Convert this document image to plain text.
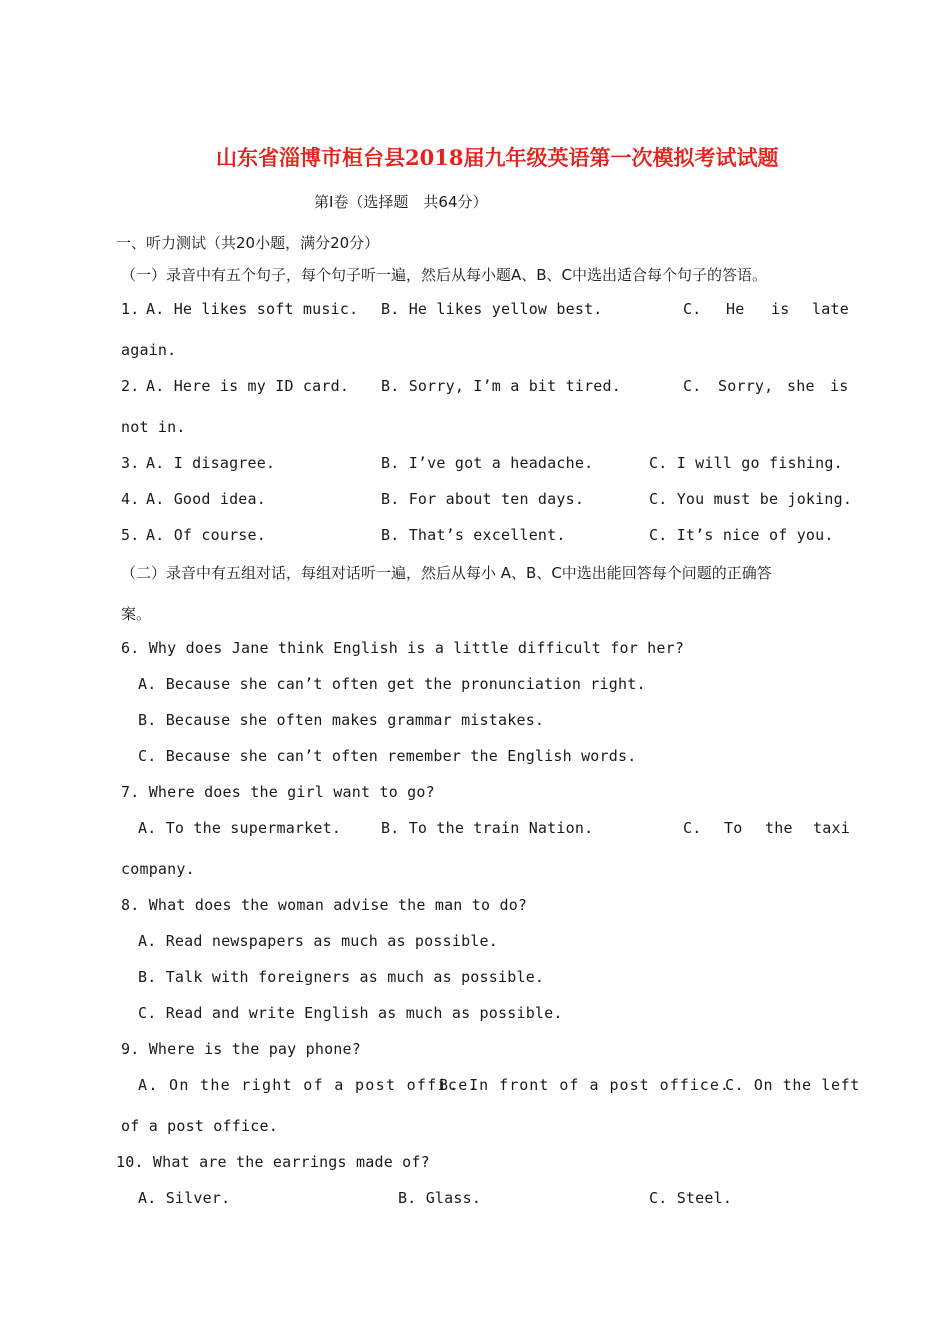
山东省淄博市桓台县2018届九年级英语第一次模拟考试试题
第Ⅰ卷（选择题　共64分）
一、听力测试（共20小题，满分20分）
（一）录音中有五个句子，每个句子听一遍，然后从每小题A、B、C中选出适合每个句子的答语。
1. A. He likes soft music. B. He likes yellow best.	C. He is late
again.
2. A. Here is my ID card. B. Sorry, I’m a bit tired.	C. Sorry, she is
not in.
3. A. I disagree.	B. I’ve got a headache.	C. I will go fishing.
4. A. Good idea.	B. For about ten days.	C. You must be joking.
5. A. Of course.	B. That’s excellent.	C. It’s nice of you.
（二）录音中有五组对话，每组对话听一遍，然后从每小 A、B、C中选出能回答每个问题的正确答
案。
6. Why does Jane think English is a little difficult for her?
A. Because she can’t often get the pronunciation right.
B. Because she often makes grammar mistakes.
C. Because she can’t often remember the English words.
7. Where does the girl want to go?
A. To the supermarket.	B. To the train Nation.	C. To the taxi
company.
8. What does the woman advise the man to do?
A. Read newspapers as much as possible.
B. Talk with foreigners as much as possible.
C. Read and write English as much as possible.
9. Where is the pay phone?
A. On the right of a post office.
B. In front of a post office.
C. On the left
of a post office.
10. What are the earrings made of?
A. Silver.	B. Glass.	C. Steel.
